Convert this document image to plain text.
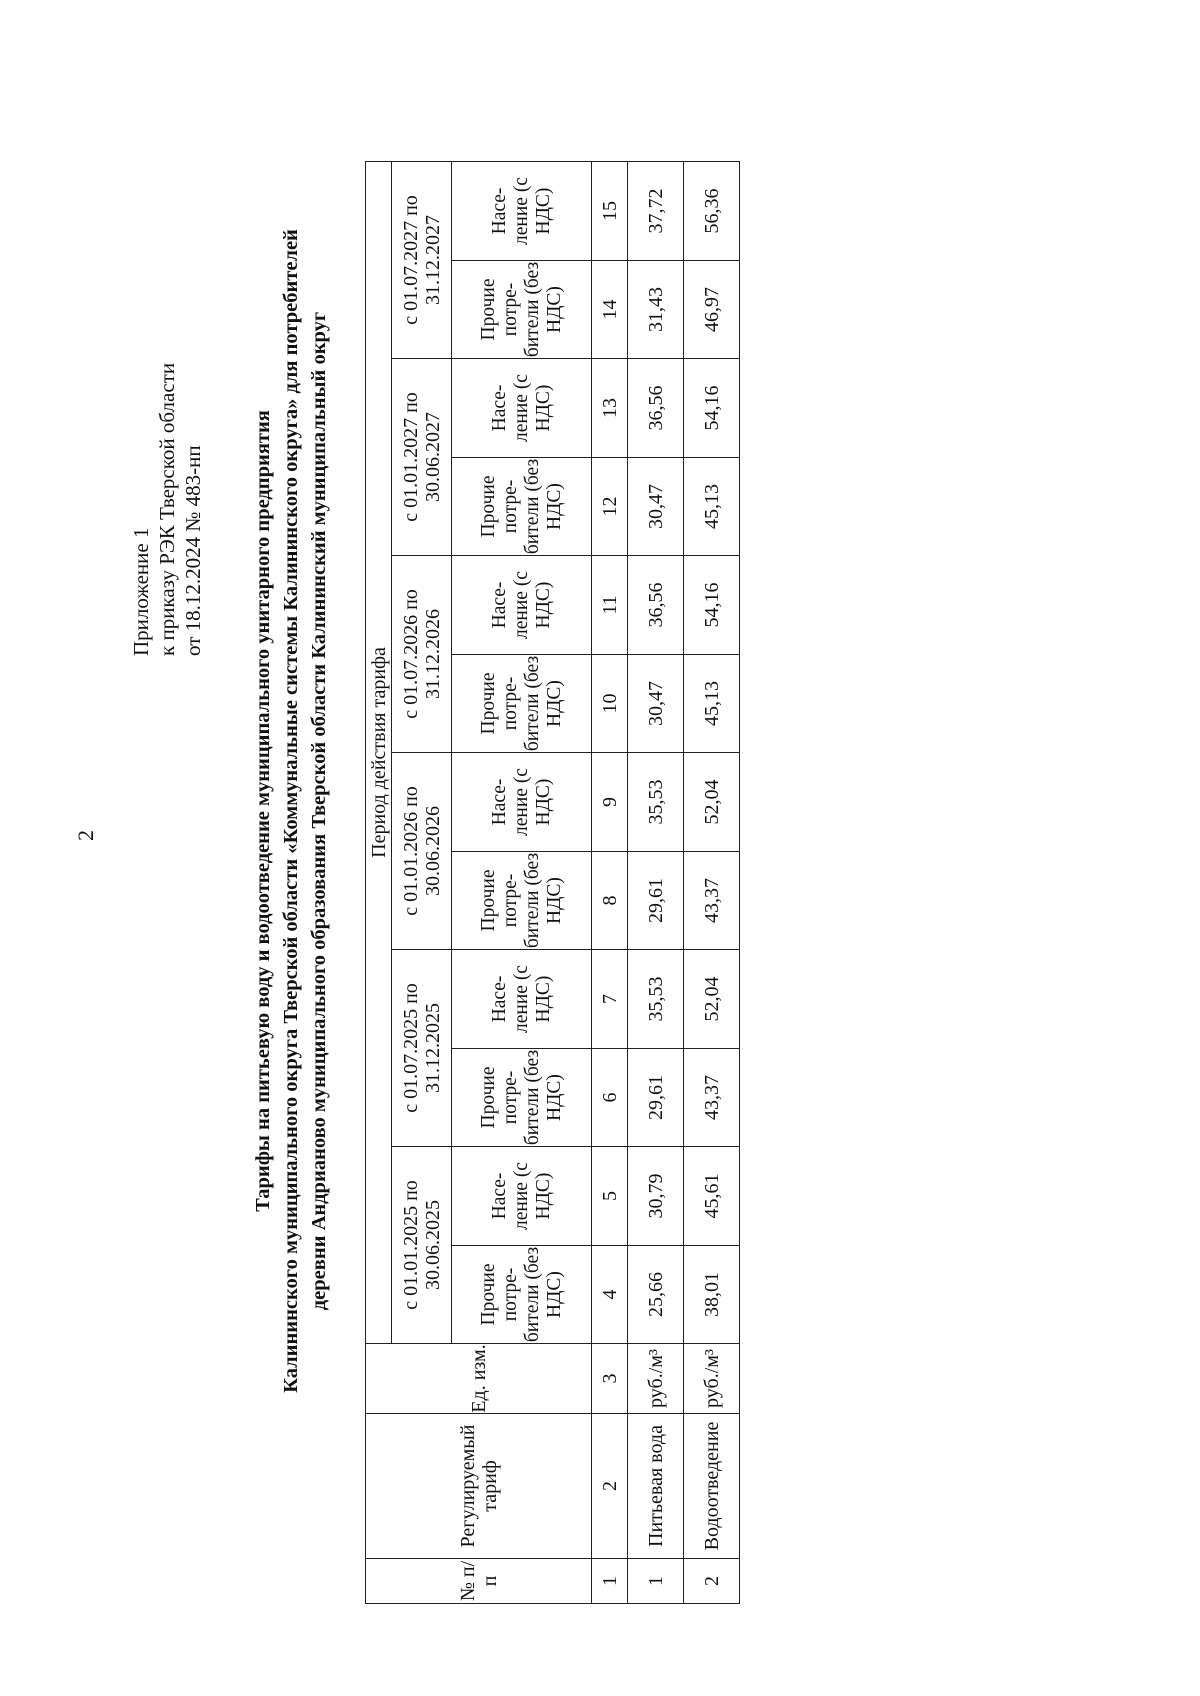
2
Приложение 1 к приказу РЭК Тверской области от 18.12.2024 № 483-нп Тарифы на питьевую воду и водоотведение муниципального унитарного предприятия Калининского муниципального округа Тверской области «Коммунальные системы Калининского округа» для потребителей деревни Андрианово муниципального образования Тверской области Калининский муниципальный округ
№ п/ п	Регулируемый тариф	Ед. изм.	Период действия тарифа											
			с 01.01.2025 по 30.06.2025		с 01.07.2025 по 31.12.2025		с 01.01.2026 по 30.06.2026		с 01.07.2026 по 31.12.2026		с 01.01.2027 по 30.06.2027		с 01.07.2027 по 31.12.2027	
			Прочие потре- бители (без НДС)	Насе- ление (с НДС)	Прочие потре- бители (без НДС)	Насе- ление (с НДС)	Прочие потре- бители (без НДС)	Насе- ление (с НДС)	Прочие потре- бители (без НДС)	Насе- ление (с НДС)	Прочие потре- бители (без НДС)	Насе- ление (с НДС)	Прочие потре- бители (без НДС)	Насе- ление (с НДС)
1	2	3	4	5	6	7	8	9	10	11	12	13	14	15
1	Питьевая вода	руб./м³	25,66	30,79	29,61	35,53	29,61	35,53	30,47	36,56	30,47	36,56	31,43	37,72
2	Водоотведение	руб./м³	38,01	45,61	43,37	52,04	43,37	52,04	45,13	54,16	45,13	54,16	46,97	56,36
